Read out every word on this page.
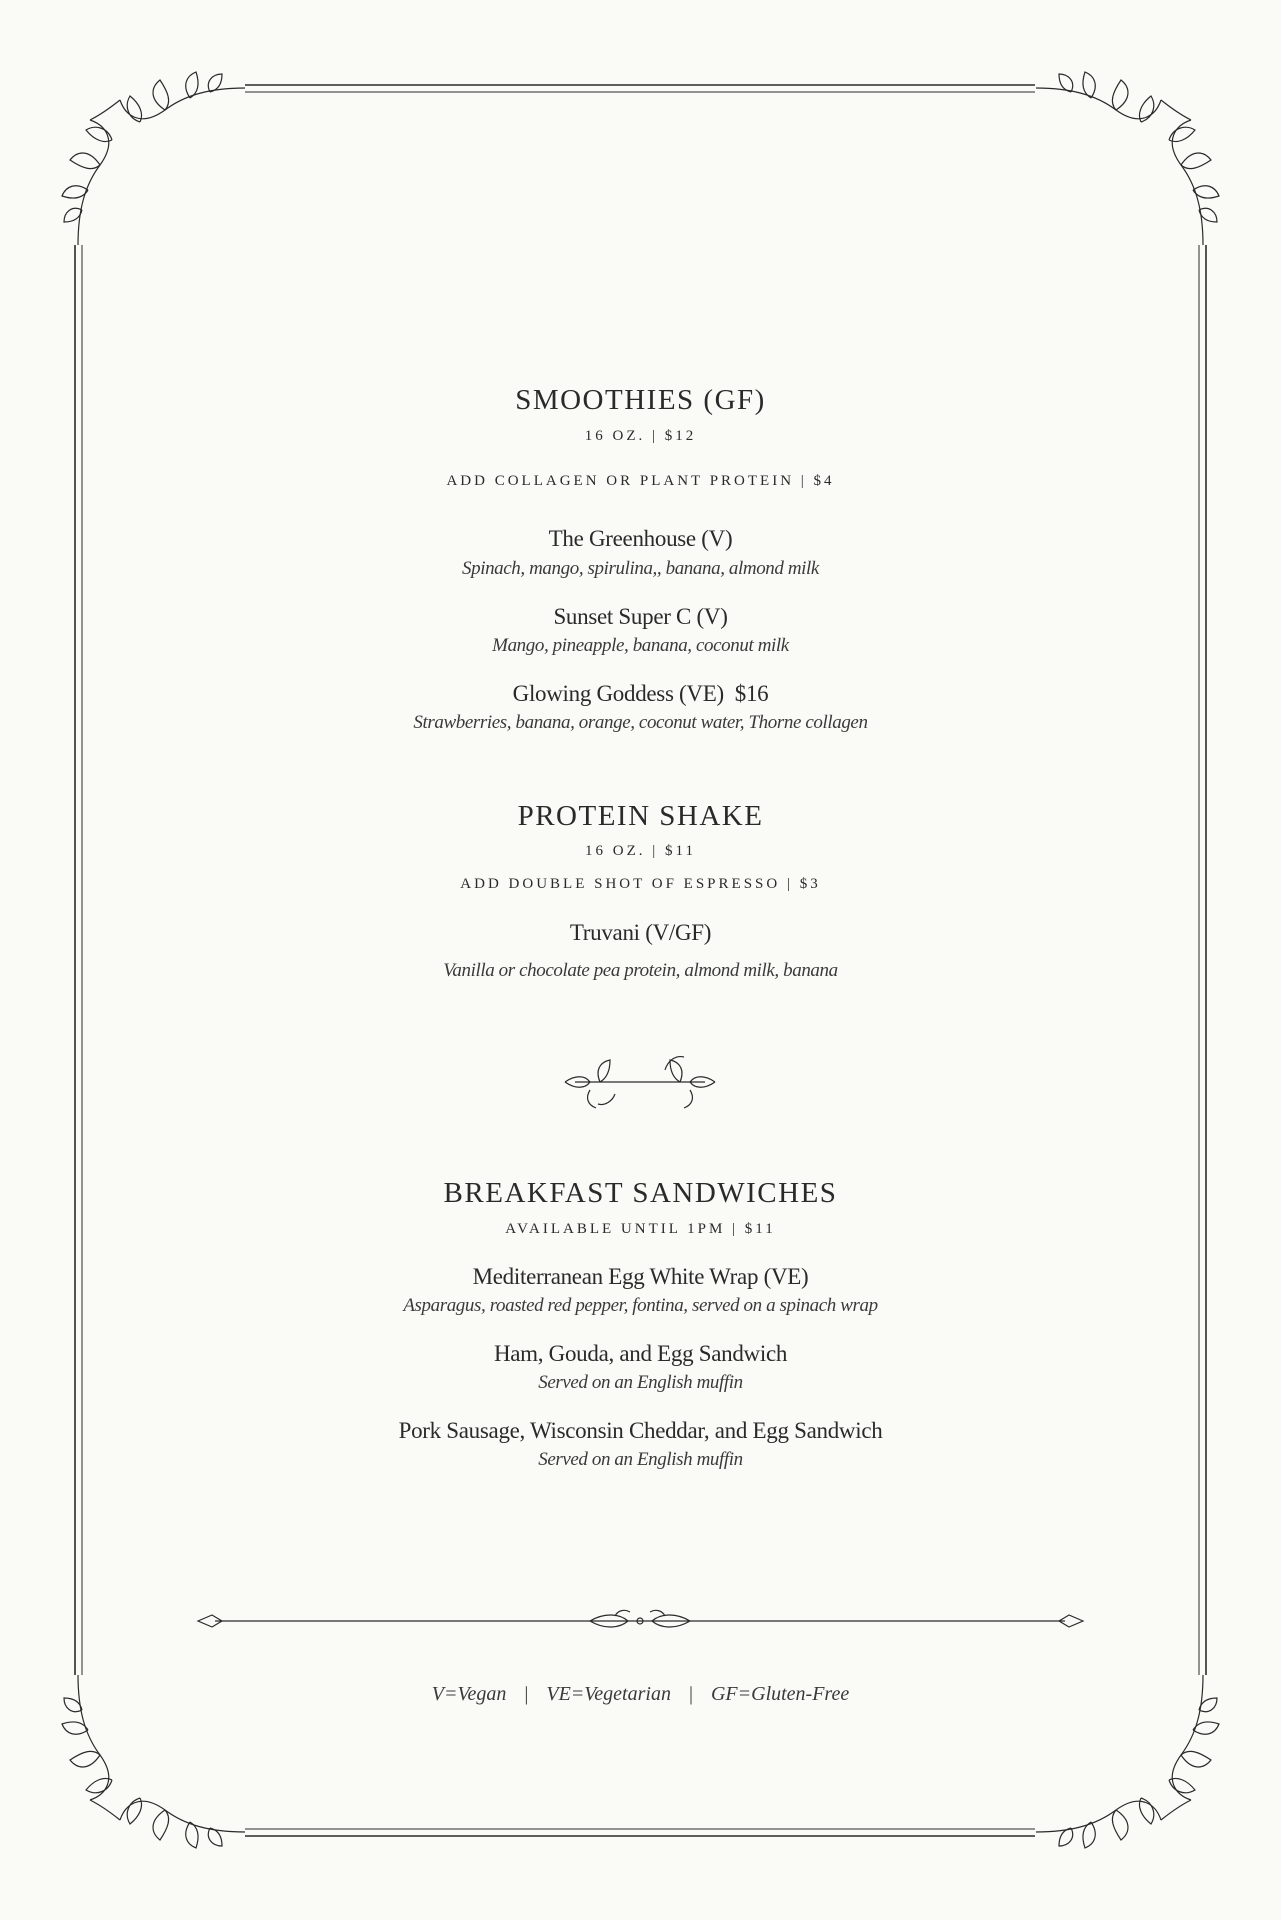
SMOOTHIES (GF)
16 OZ. | $12
ADD COLLAGEN OR PLANT PROTEIN | $4
The Greenhouse (V)
Spinach, mango, spirulina,, banana, almond milk
Sunset Super C (V)
Mango, pineapple, banana, coconut milk
Glowing Goddess (VE)  $16
Strawberries, banana, orange, coconut water, Thorne collagen
PROTEIN SHAKE
16 OZ. | $11
ADD DOUBLE SHOT OF ESPRESSO | $3
Truvani (V/GF)
Vanilla or chocolate pea protein, almond milk, banana
BREAKFAST SANDWICHES
AVAILABLE UNTIL 1PM | $11
Mediterranean Egg White Wrap (VE)
Asparagus, roasted red pepper, fontina, served on a spinach wrap
Ham, Gouda, and Egg Sandwich
Served on an English muffin
Pork Sausage, Wisconsin Cheddar, and Egg Sandwich
Served on an English muffin
V=Vegan | VE=Vegetarian | GF=Gluten-Free
